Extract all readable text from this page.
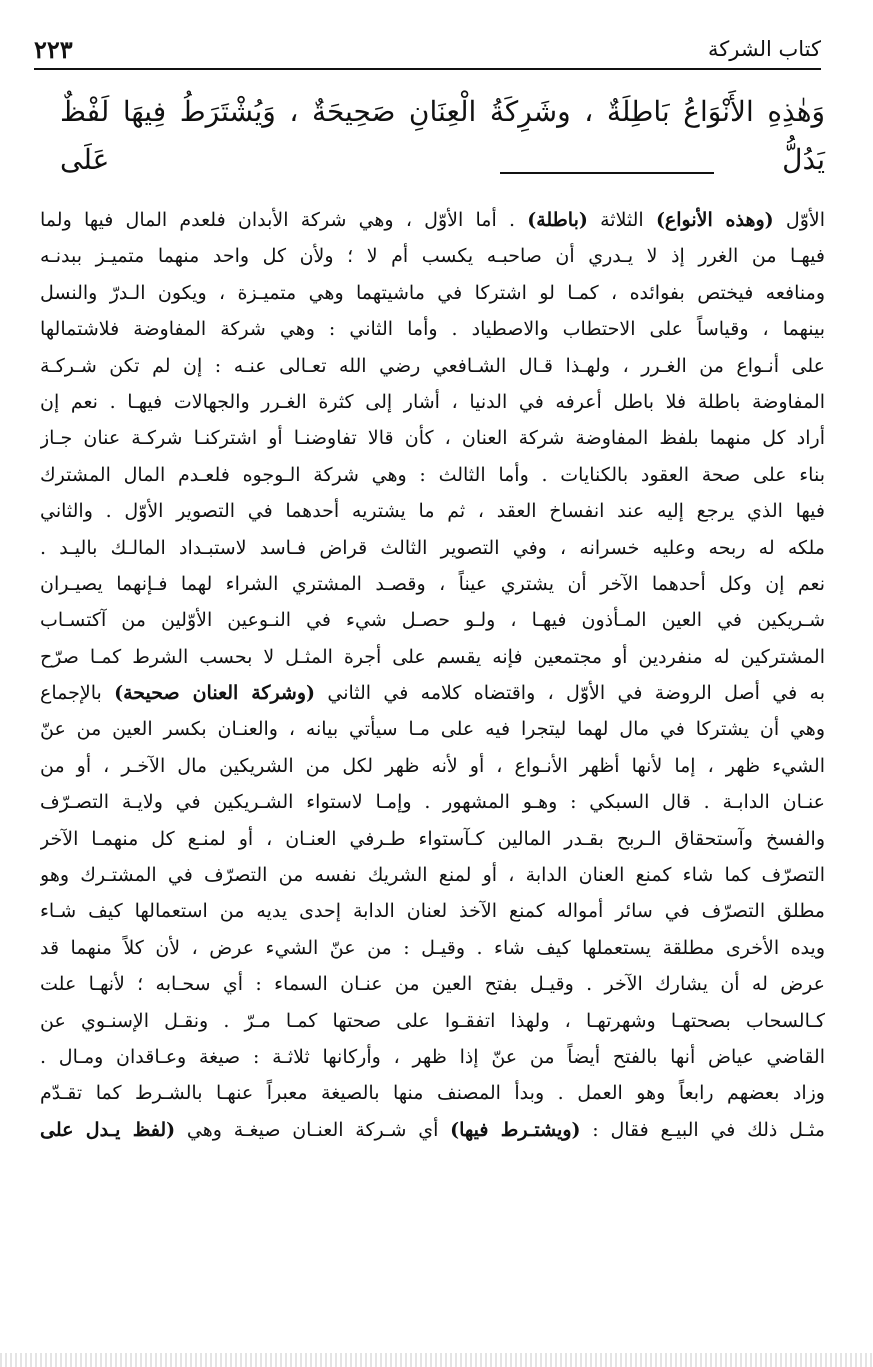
كتاب الشركة
٢٢٣
وَهٰذِهِ الأَنْوَاعُ بَاطِلَةٌ ، وشَرِكَةُ الْعِنَانِ صَحِيحَةٌ ، وَيُشْتَرَطُ فِيهَا لَفْظٌ يَدُلُّ عَلَى
الأوّل (وهذه الأنواع) الثلاثة (باطلة) . أما الأوّل ، وهي شركة الأبدان فلعدم المال فيها ولما
فيهـا من الغرر إذ لا يـدري أن صاحبـه يكسب أم لا ؛ ولأن كل واحد منهما متميـز ببدنـه
ومنافعه فيختص بفوائده ، كمـا لو اشتركا في ماشيتهما وهي متميـزة ، ويكون الـدرّ والنسل
بينهما ، وقياساً على الاحتطاب والاصطياد . وأما الثاني : وهي شركة المفاوضة فلاشتمالها
على أنـواع من الغـرر ، ولهـذا قـال الشـافعي رضي الله تعـالى عنـه : إن لم تكن شـركـة
المفاوضة باطلة فلا باطل أعرفه في الدنيا ، أشار إلى كثرة الغـرر والجهالات فيهـا . نعم إن
أراد كل منهما بلفظ المفاوضة شركة العنان ، كأن قالا تفاوضنـا أو اشتركنـا شركـة عنان جـاز
بناء على صحة العقود بالكنايات . وأما الثالث : وهي شركة الـوجوه فلعـدم المال المشترك
فيها الذي يرجع إليه عند انفساخ العقد ، ثم ما يشتريه أحدهما في التصوير الأوّل . والثاني
ملكه له ربحه وعليه خسرانه ، وفي التصوير الثالث قراض فـاسد لاستبـداد المالـك باليـد .
نعم إن وكل أحدهما الآخر أن يشتري عيناً ، وقصـد المشتري الشراء لهما فـإنهما يصيـران
شـريكين في العين المـأذون فيهـا ، ولـو حصـل شيء في النـوعين الأوّلين من آكتسـاب
المشتركين له منفردين أو مجتمعين فإنه يقسم على أجرة المثـل لا بحسب الشرط كمـا صرّح
به في أصل الروضة في الأوّل ، واقتضاه كلامه في الثاني (وشركة العنان صحيحة) بالإجماع
وهي أن يشتركا في مال لهما ليتجرا فيه على مـا سيأتي بيانه ، والعنـان بكسر العين من عنّ
الشيء ظهر ، إما لأنها أظهر الأنـواع ، أو لأنه ظهر لكل من الشريكين مال الآخـر ، أو من
عنـان الدابـة . قال السبكي : وهـو المشهور . وإمـا لاستواء الشـريكين في ولايـة التصـرّف
والفسخ وآستحقاق الـربح بقـدر المالين كـآستواء طـرفي العنـان ، أو لمنـع كل منهمـا الآخر
التصرّف كما شاء كمنع العنان الدابة ، أو لمنع الشريك نفسه من التصرّف في المشتـرك وهو
مطلق التصرّف في سائر أمواله كمنع الآخذ لعنان الدابة إحدى يديه من استعمالها كيف شـاء
ويده الأخرى مطلقة يستعملها كيف شاء . وقيـل : من عنّ الشيء عرض ، لأن كلاً منهما قد
عرض له أن يشارك الآخر . وقيـل بفتح العين من عنـان السماء : أي سحـابه ؛ لأنهـا علت
كـالسحاب بصحتهـا وشهرتهـا ، ولهذا اتفقـوا على صحتها كمـا مـرّ . ونقـل الإسنـوي عن
القاضي عياض أنها بالفتح أيضاً من عنّ إذا ظهر ، وأركانها ثلاثـة : صيغة وعـاقدان ومـال .
وزاد بعضهم رابعاً وهو العمل . وبدأ المصنف منها بالصيغة معبراً عنهـا بالشـرط كما تقـدّم
مثـل ذلك في البيـع فقال : (ويشتـرط فيها) أي شـركة العنـان صيغـة وهي (لفظ يـدل على
